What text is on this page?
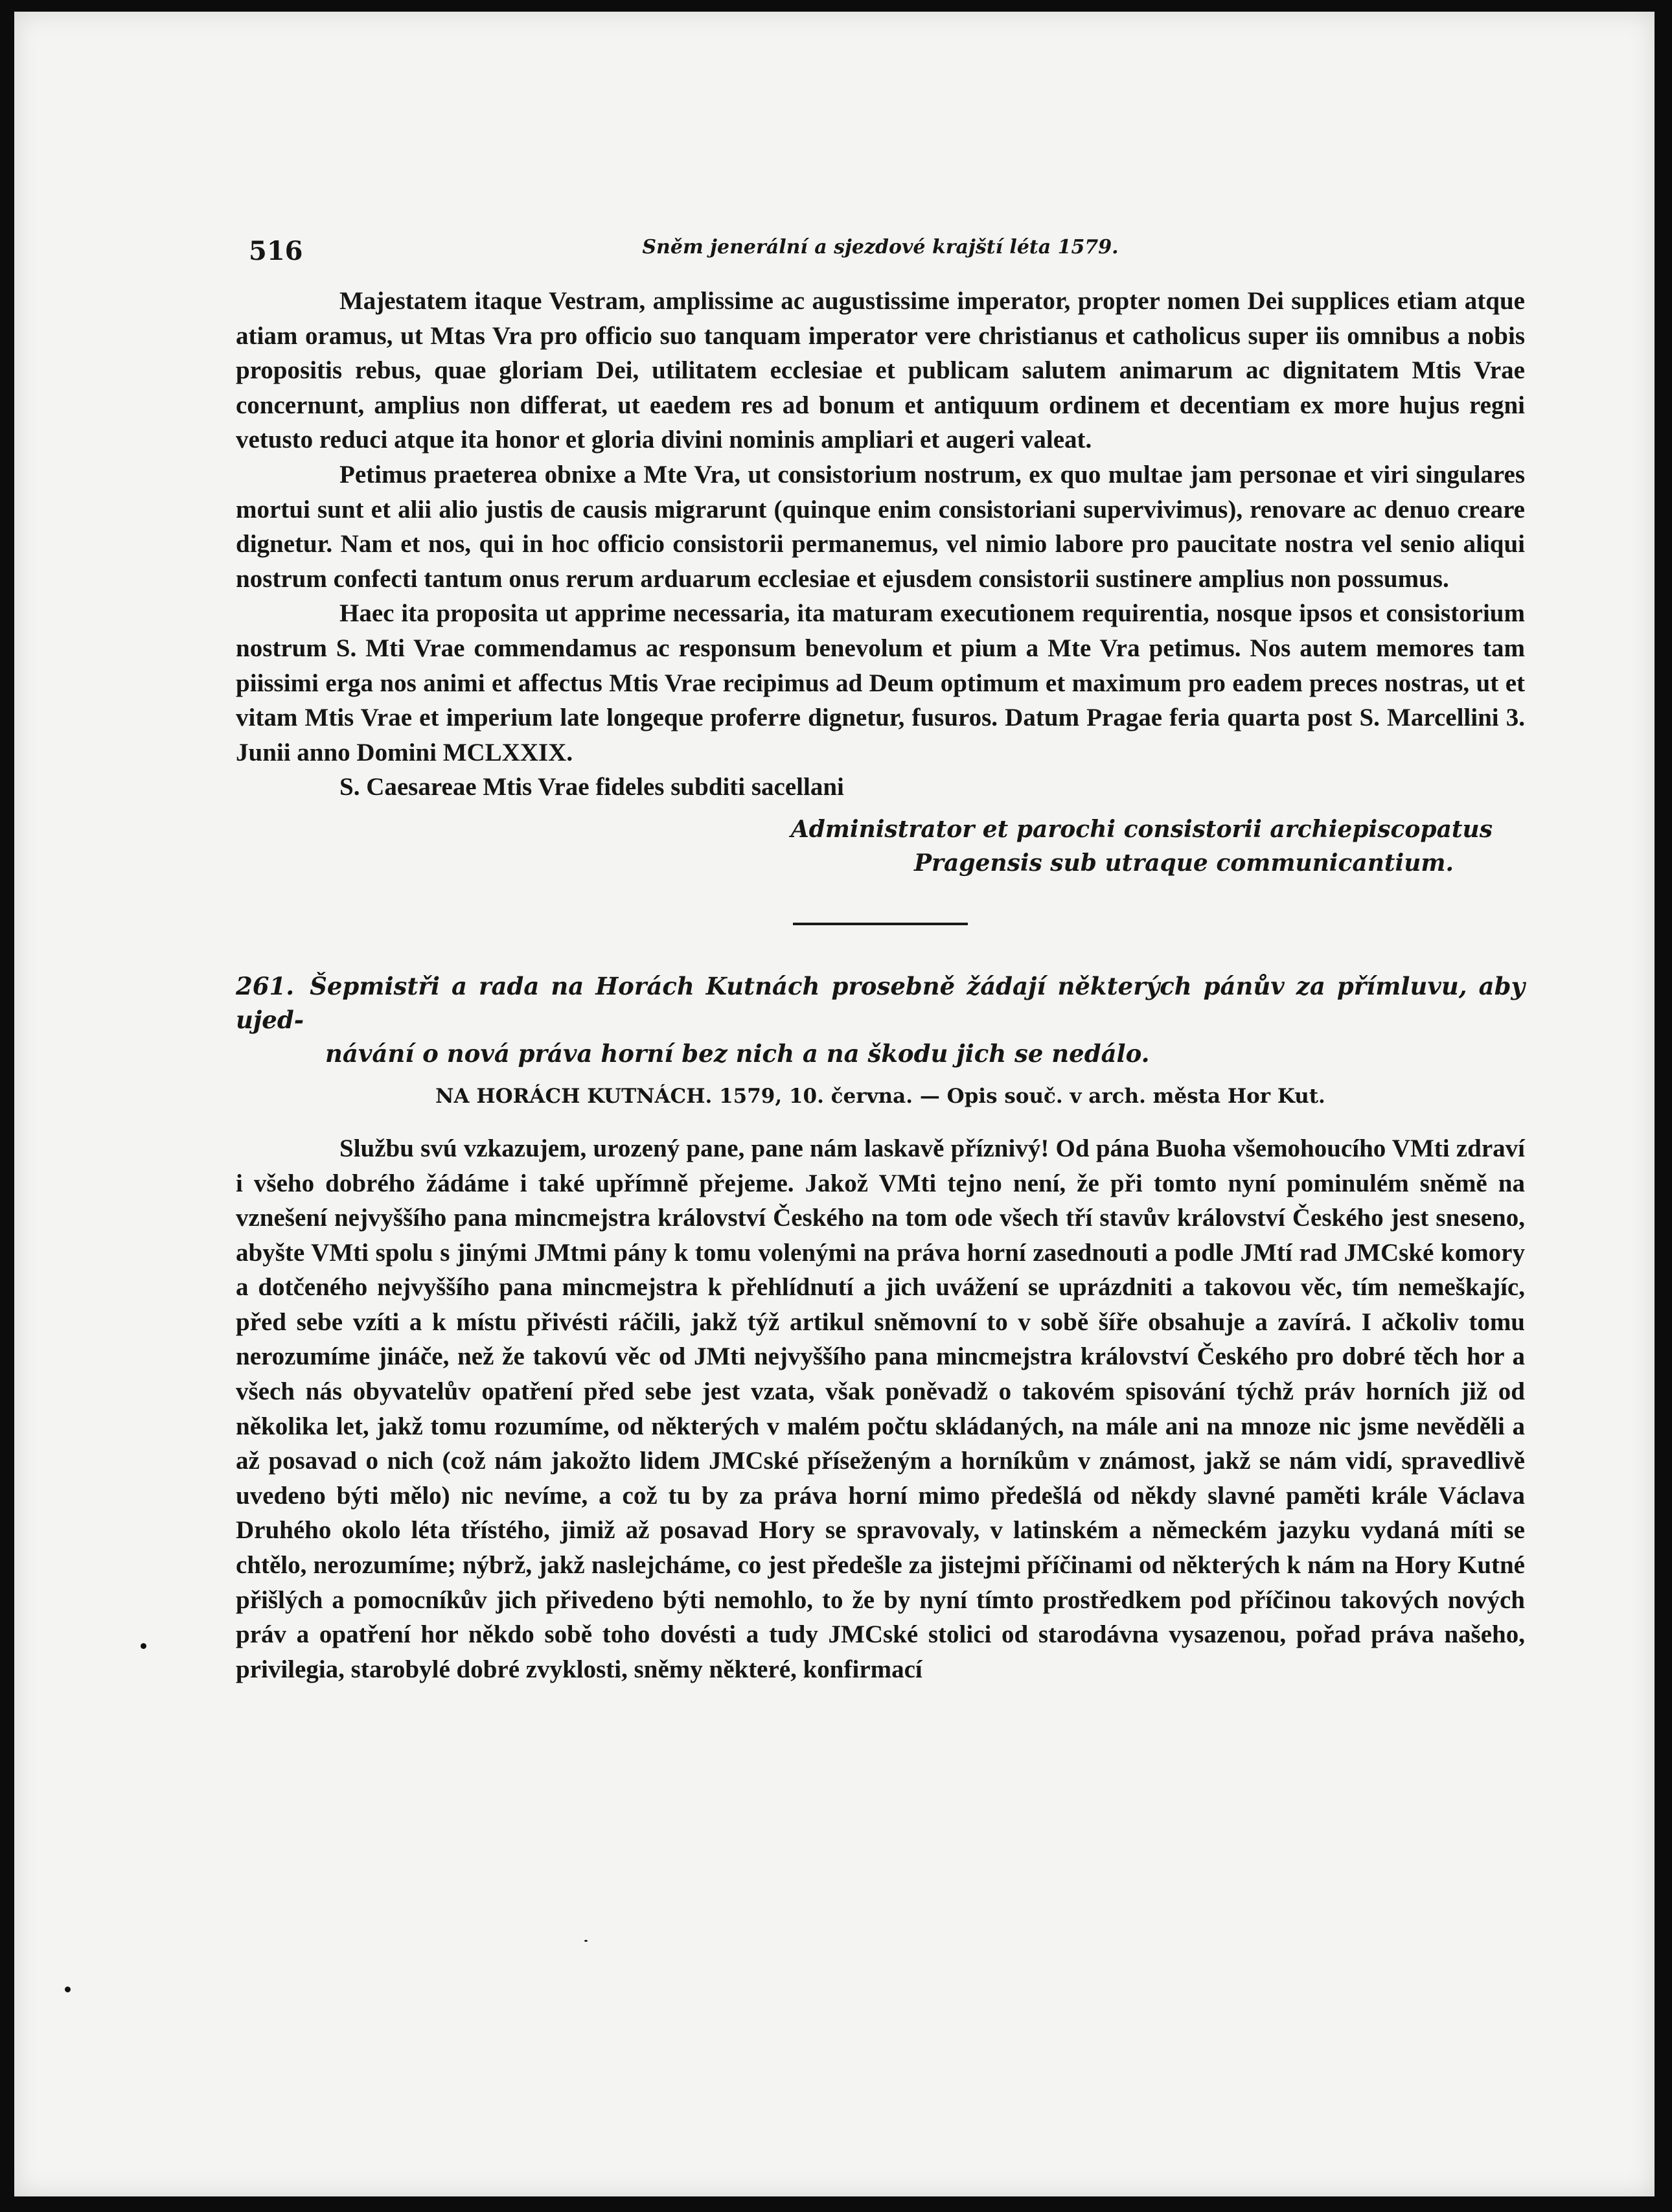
516	Sněm jenerální a sjezdové krajští léta 1579.

Majestatem itaque Vestram, amplissime ac augustissime imperator, propter nomen Dei supplices etiam atque atiam oramus, ut Mtas Vra pro officio suo tanquam imperator vere christianus et catholicus super iis omnibus a nobis propositis rebus, quae gloriam Dei, utilitatem ecclesiae et publicam salutem animarum ac dignitatem Mtis Vrae concernunt, amplius non differat, ut eaedem res ad bonum et antiquum ordinem et decentiam ex more hujus regni vetusto reduci atque ita honor et gloria divini nominis ampliari et augeri valeat.

Petimus praeterea obnixe a Mte Vra, ut consistorium nostrum, ex quo multae jam personae et viri singulares mortui sunt et alii alio justis de causis migrarunt (quinque enim consistoriani supervivimus), renovare ac denuo creare dignetur. Nam et nos, qui in hoc officio consistorii permanemus, vel nimio labore pro paucitate nostra vel senio aliqui nostrum confecti tantum onus rerum arduarum ecclesiae et ejusdem consistorii sustinere amplius non possumus.

Haec ita proposita ut apprime necessaria, ita maturam executionem requirentia, nosque ipsos et consistorium nostrum S. Mti Vrae commendamus ac responsum benevolum et pium a Mte Vra petimus. Nos autem memores tam piissimi erga nos animi et affectus Mtis Vrae recipimus ad Deum optimum et maximum pro eadem preces nostras, ut et vitam Mtis Vrae et imperium late longeque proferre dignetur, fusuros. Datum Pragae feria quarta post S. Marcellini 3. Junii anno Domini MCLXXIX.

S. Caesareae Mtis Vrae fideles subditi sacellani

Administrator et parochi consistorii archiepiscopatus

Pragensis sub utraque communicantium.
261. Šepmistři a rada na Horách Kutnách prosebně žádají některých pánův za přímluvu, aby ujed-
návání o nová práva horní bez nich a na škodu jich se nedálo.
NA HORÁCH KUTNÁCH. 1579, 10. června. — Opis souč. v arch. města Hor Kut.

Službu svú vzkazujem, urozený pane, pane nám laskavě příznivý! Od pána Buoha všemohoucího VMti zdraví i všeho dobrého žádáme i také upřímně přejeme. Jakož VMti tejno není, že při tomto nyní pominulém sněmě na vznešení nejvyššího pana mincmejstra království Českého na tom ode všech tří stavův království Českého jest sneseno, abyšte VMti spolu s jinými JMtmi pány k tomu volenými na práva horní zasednouti a podle JMtí rad JMCské komory a dotčeného nejvyššího pana mincmejstra k přehlídnutí a jich uvážení se uprázdniti a takovou věc, tím nemeškajíc, před sebe vzíti a k místu přivésti ráčili, jakž týž artikul sněmovní to v sobě šíře obsahuje a zavírá. I ačkoliv tomu nerozumíme jináče, než že takovú věc od JMti nejvyššího pana mincmejstra království Českého pro dobré těch hor a všech nás obyvatelův opatření před sebe jest vzata, však poněvadž o takovém spisování týchž práv horních již od několika let, jakž tomu rozumíme, od některých v malém počtu skládaných, na mále ani na mnoze nic jsme nevěděli a až posavad o nich (což nám jakožto lidem JMCské příseženým a horníkům v známost, jakž se nám vidí, spravedlivě uvedeno býti mělo) nic nevíme, a což tu by za práva horní mimo předešlá od někdy slavné paměti krále Václava Druhého okolo léta třístého, jimiž až posavad Hory se spravovaly, v latinském a německém jazyku vydaná míti se chtělo, nerozumíme; nýbrž, jakž naslejcháme, co jest předešle za jistejmi příčinami od některých k nám na Hory Kutné přišlých a pomocníkův jich přivedeno býti nemohlo, to že by nyní tímto prostředkem pod příčinou takových nových práv a opatření hor někdo sobě toho dovésti a tudy JMCské stolici od starodávna vysazenou, pořad práva našeho, privilegia, starobylé dobré zvyklosti, sněmy některé, konfirmací
